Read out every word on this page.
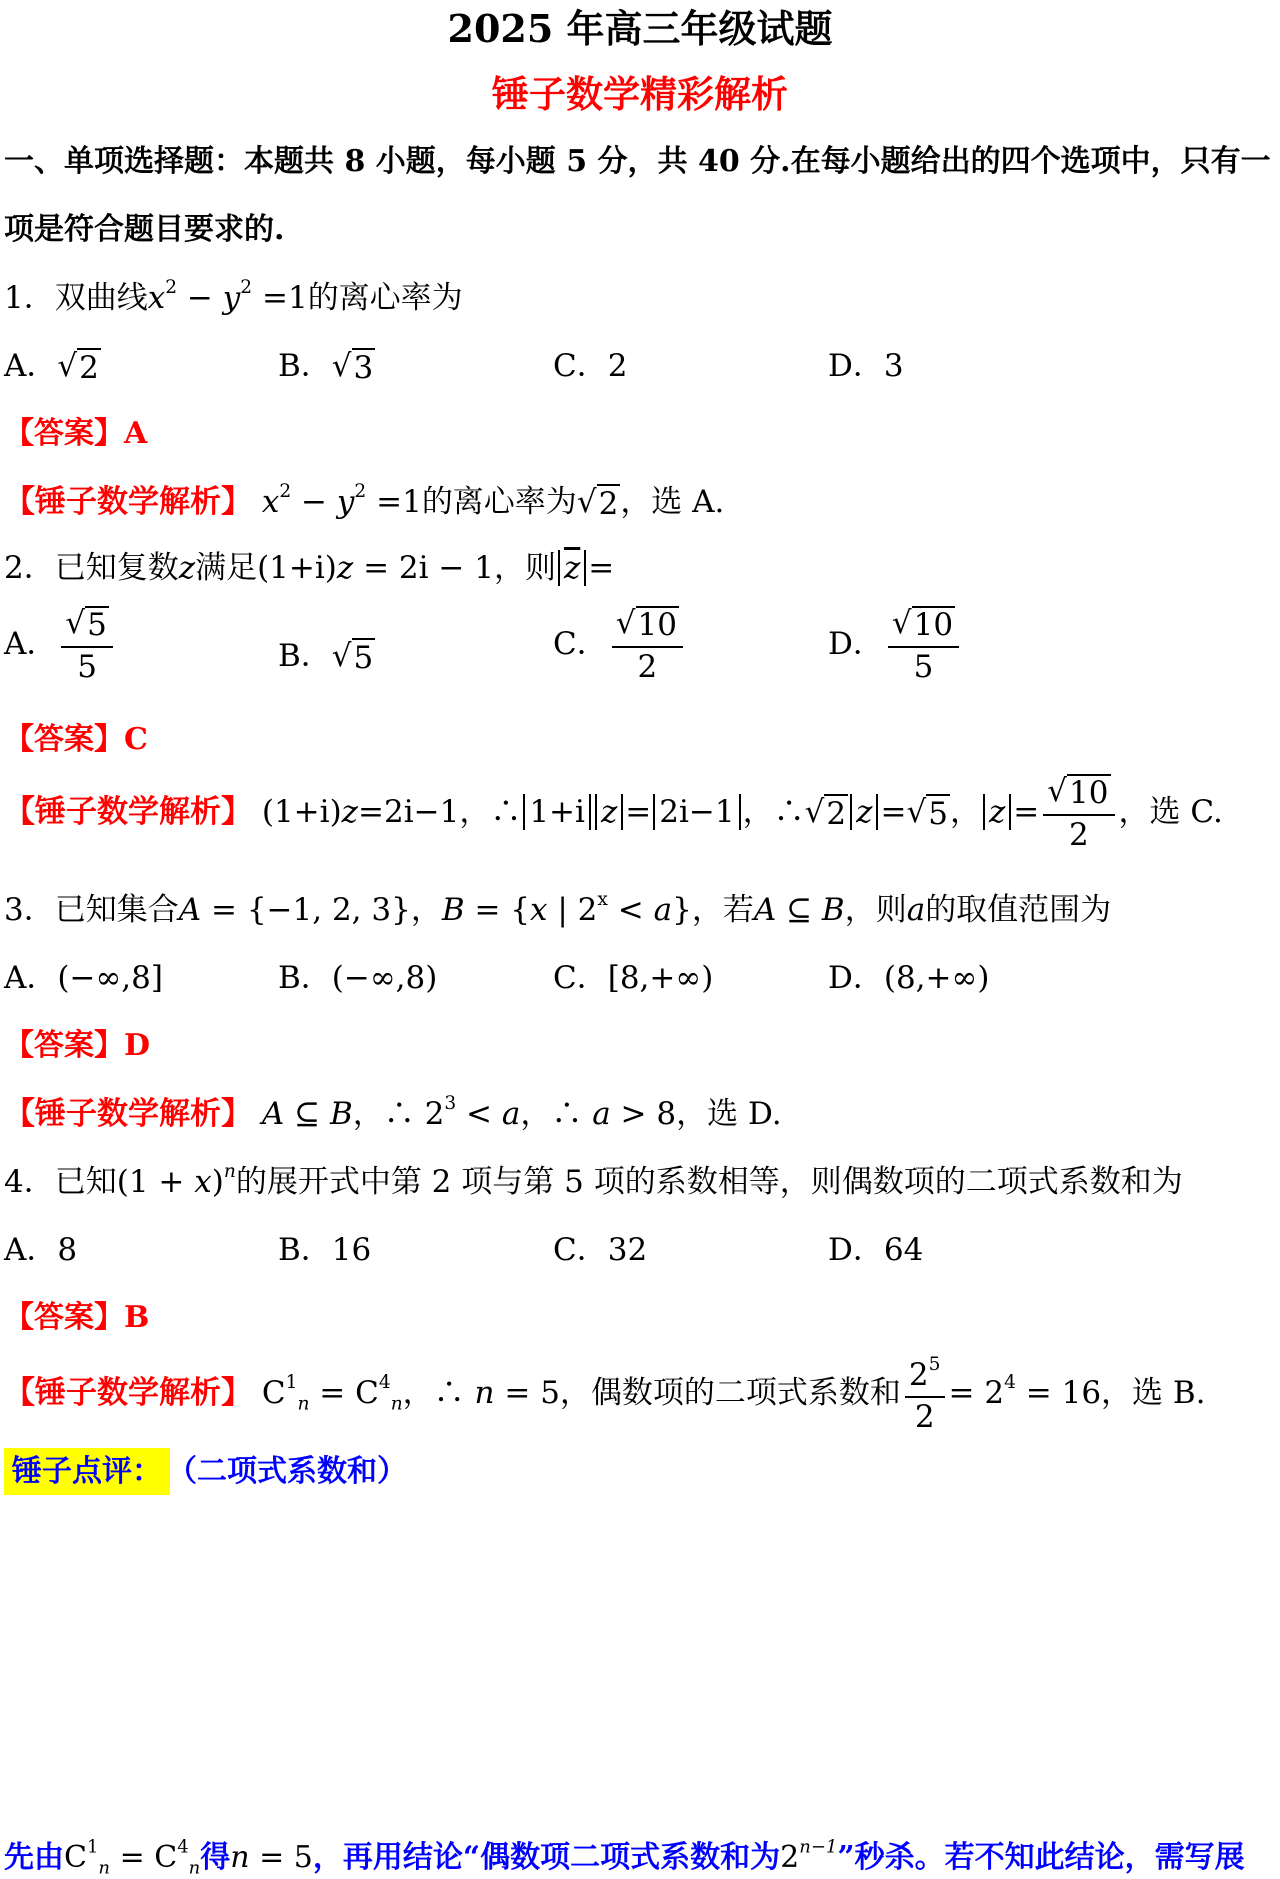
2025 年高三年级试题
锤子数学精彩解析
一、单项选择题：本题共 8 小题，每小题 5 分，共 40 分.在每小题给出的四个选项中，只有一
项是符合题目要求的.
1．双曲线$x^2 - y^2 =1$的离心率为
A． √ 2	B． √ 3	C．2	D．3
【答案】A
【锤子数学解析】 $x^2 - y^2 =1$的离心率为 √ 2 ，选 A.
2．已知复数z满足(1+i)z = 2i − 1，则 $\overline{z}$ =
A． $\frac{√ 5}{5}$	B． √ 5	C． $\frac{√ 10}{2}$	D． $\frac{√ 10}{5}$
【答案】C
【锤子数学解析】 (1+i)z=2i−1，∴ 1+i z = 2i−1 ，∴ √ 2 z = √ 5 ， $z = \frac{√ 10}{2}$ ，选 C.
3．已知集合A = {−1, 2, 3}，B = {x | $2^x < a$}，若A ⊆ B，则a的取值范围为
A．(−∞,8]	B．(−∞,8)	C．[8,+∞)	D．(8,+∞)
【答案】D
【锤子数学解析】 A ⊆ B，∴ $2^3 < a$，∴ a > 8，选 D.
4．已知$(1 + x)^n$的展开式中第 2 项与第 5 项的系数相等，则偶数项的二项式系数和为
A．8	B．16	C．32	D．64
【答案】B
【锤子数学解析】 $C^1_n = C^4_n$，∴ n = 5，偶数项的二项式系数和 $\frac{2^5}{2} = 2^4 = 16$，选 B.
锤子点评： （二项式系数和）
先由$C^1_n = C^4_n$得n = 5，再用结论“偶数项二项式系数和为$2^{n-1}$”秒杀。若不知此结论，需写展
